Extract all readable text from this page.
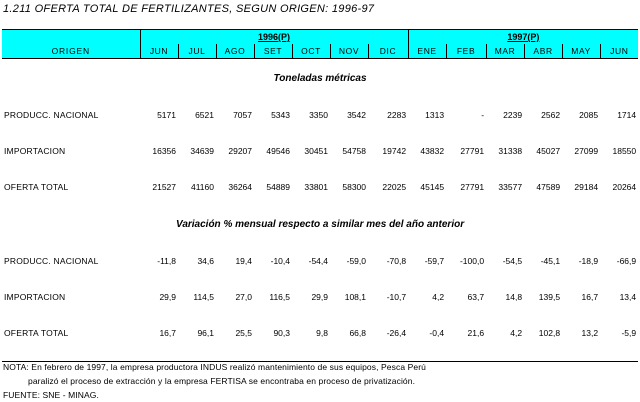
1.211 OFERTA TOTAL DE FERTILIZANTES, SEGUN ORIGEN: 1996-97
	1996(P)							1997(P)					
ORIGEN	JUN	JUL	AGO	SET	OCT	NOV	DIC	ENE	FEB	MAR	ABR	MAY	JUN
Toneladas métricas													
PRODUCC. NACIONAL	5171	6521	7057	5343	3350	3542	2283	1313	-	2239	2562	2085	1714
IMPORTACION	16356	34639	29207	49546	30451	54758	19742	43832	27791	31338	45027	27099	18550
OFERTA TOTAL	21527	41160	36264	54889	33801	58300	22025	45145	27791	33577	47589	29184	20264
Variación % mensual respecto a similar mes del año anterior													
PRODUCC. NACIONAL	-11,8	34,6	19,4	-10,4	-54,4	-59,0	-70,8	-59,7	-100,0	-54,5	-45,1	-18,9	-66,9
IMPORTACION	29,9	114,5	27,0	116,5	29,9	108,1	-10,7	4,2	63,7	14,8	139,5	16,7	13,4
OFERTA TOTAL	16,7	96,1	25,5	90,3	9,8	66,8	-26,4	-0,4	21,6	4,2	102,8	13,2	-5,9

NOTA: En febrero de 1997, la empresa productora INDUS realizó mantenimiento de sus equipos, Pesca Perú
paralizó el proceso de extracción y la empresa FERTISA se encontraba en proceso de privatización.
FUENTE: SNE - MINAG.
